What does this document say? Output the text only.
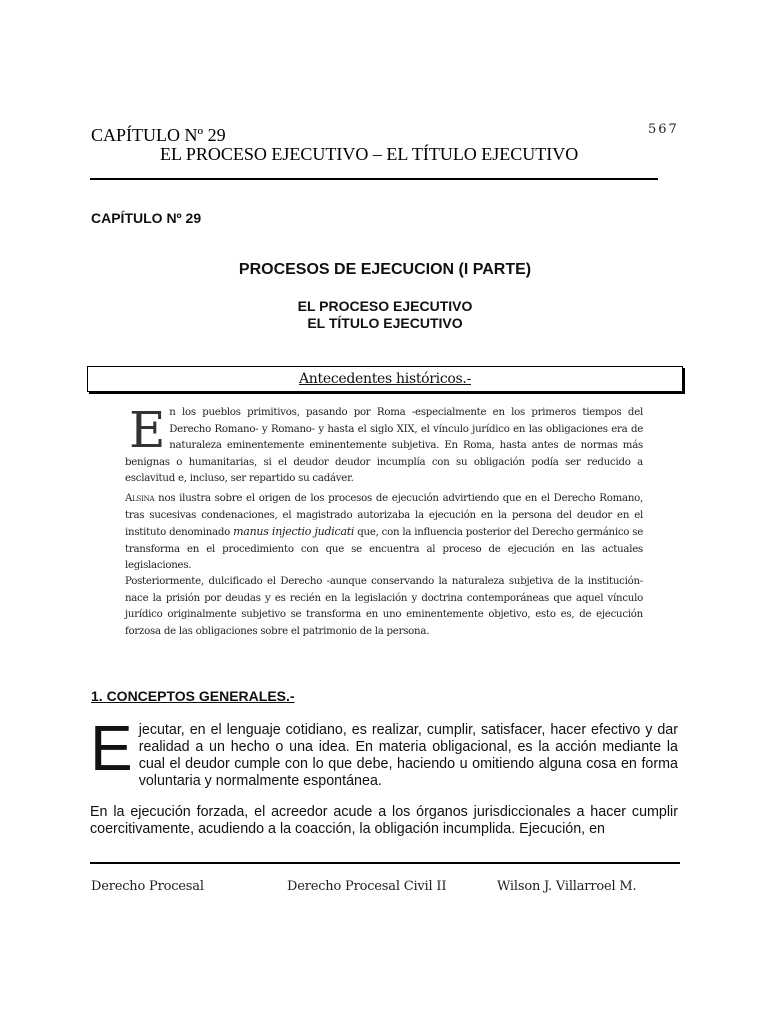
567
CAPÍTULO Nº 29
EL PROCESO EJECUTIVO – EL TÍTULO EJECUTIVO
CAPÍTULO Nº 29
PROCESOS DE EJECUCION (I PARTE)
EL PROCESO EJECUTIVO
EL TÍTULO EJECUTIVO
Antecedentes históricos.-
En los pueblos primitivos, pasando por Roma -especialmente en los primeros tiempos del Derecho Romano- y Romano- y hasta el siglo XIX, el vínculo jurídico en las obligaciones era de naturaleza eminentemente eminentemente subjetiva. En Roma, hasta antes de normas más benignas o humanitarias, si el deudor deudor incumplía con su obligación podía ser reducido a esclavitud e, incluso, ser repartido su cadáver.
Alsina nos ilustra sobre el origen de los procesos de ejecución advirtiendo que en el Derecho Romano, tras sucesivas condenaciones, el magistrado autorizaba la ejecución en la persona del deudor en el instituto denominado manus injectio judicati que, con la influencia posterior del Derecho germánico se transforma en el procedimiento con que se encuentra al proceso de ejecución en las actuales legislaciones.
Posteriormente, dulcificado el Derecho -aunque conservando la naturaleza subjetiva de la institución- nace la prisión por deudas y es recién en la legislación y doctrina contemporáneas que aquel vínculo jurídico originalmente subjetivo se transforma en uno eminentemente objetivo, esto es, de ejecución forzosa de las obligaciones sobre el patrimonio de la persona.
1. CONCEPTOS GENERALES.-
Ejecutar, en el lenguaje cotidiano, es realizar, cumplir, satisfacer, hacer efectivo y dar realidad a un hecho o una idea. En materia obligacional, es la acción mediante la cual el deudor cumple con lo que debe, haciendo u omitiendo alguna cosa en forma voluntaria y normalmente espontánea.
En la ejecución forzada, el acreedor acude a los órganos jurisdiccionales a hacer cumplir coercitivamente, acudiendo a la coacción, la obligación incumplida. Ejecución, en
Derecho Procesal	Derecho Procesal Civil II	Wilson J. Villarroel M.
